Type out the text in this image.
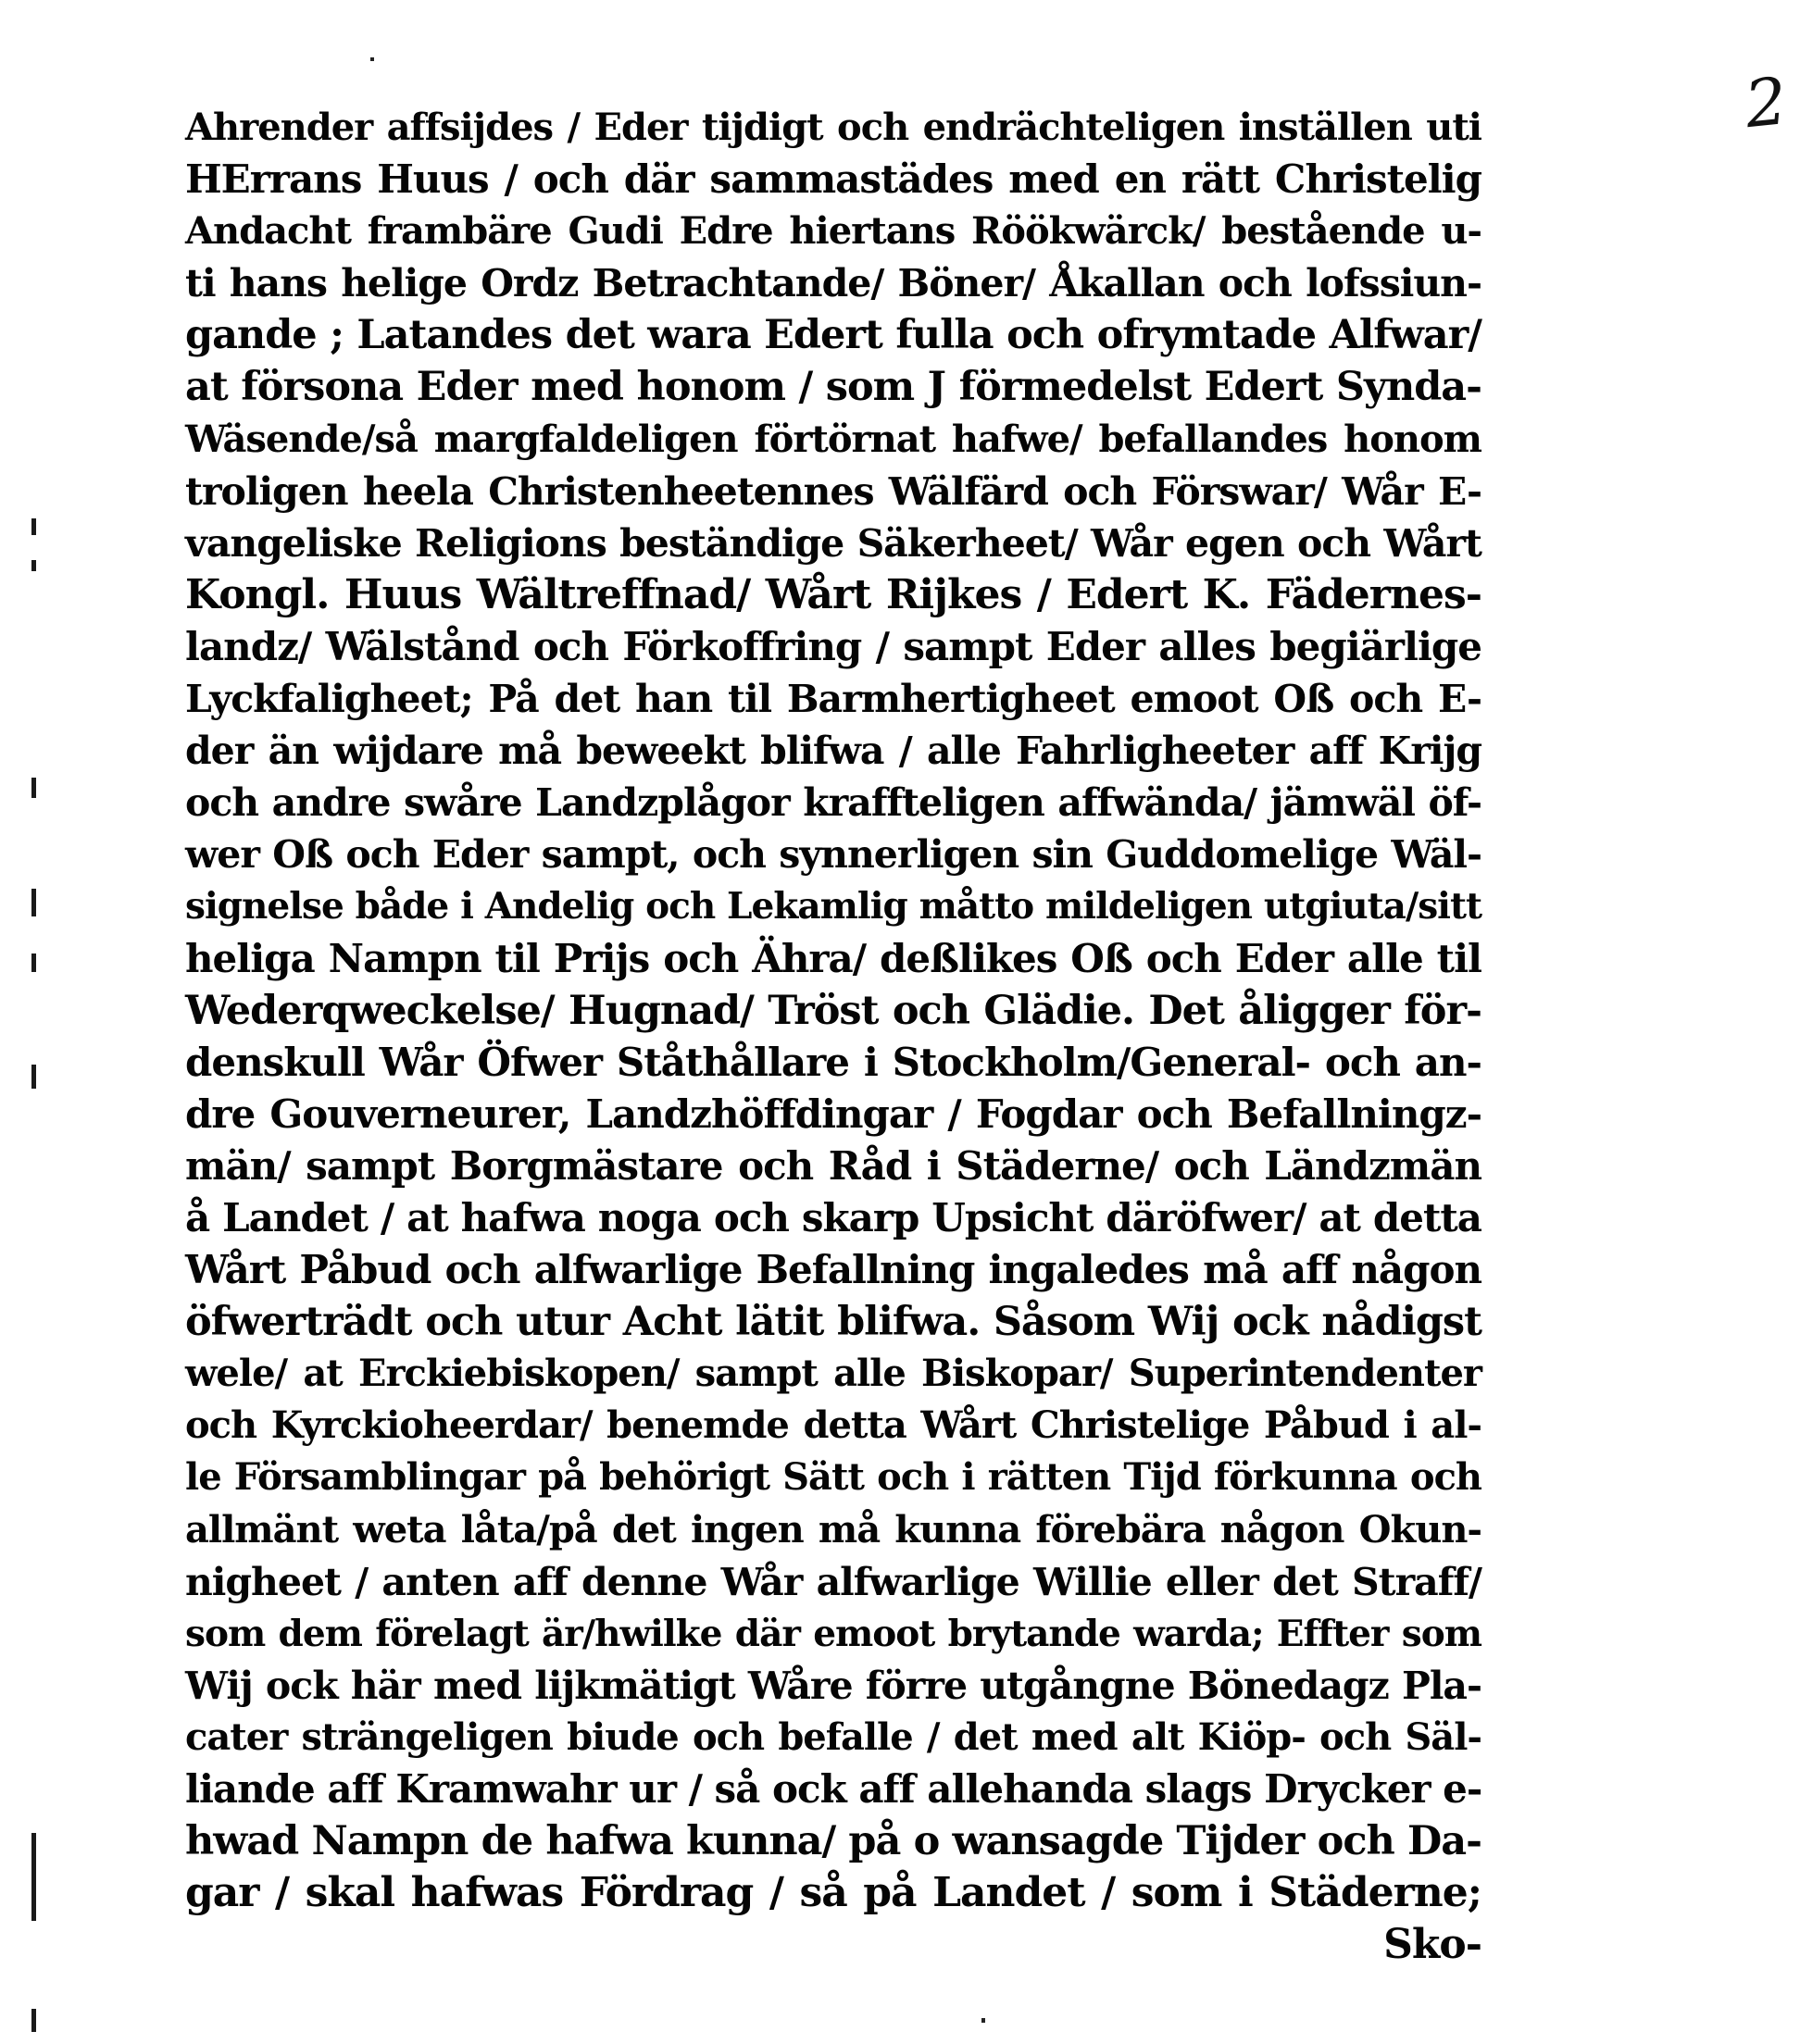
2
Ahrender affsijdes / Eder tijdigt och endrächteligen inställen uti
HErrans Huus / och där sammastädes med en rätt Christelig
Andacht frambäre Gudi Edre hiertans Röökwärck/ bestående u-
ti hans helige Ordz Betrachtande/ Böner/ Åkallan och lofssiun-
gande ; Latandes det wara Edert fulla och ofrymtade Alfwar/
at försona Eder med honom / som J förmedelst Edert Synda-
Wäsende/så margfaldeligen förtörnat hafwe/ befallandes honom
troligen heela Christenheetennes Wälfärd och Förswar/ Wår E-
vangeliske Religions beständige Säkerheet/ Wår egen och Wårt
Kongl. Huus Wältreffnad/ Wårt Rijkes / Edert K. Fädernes-
landz/ Wälstånd och Förkoffring / sampt Eder alles begiärlige
Lyckfaligheet; På det han til Barmhertigheet emoot Oß och E-
der än wijdare må beweekt blifwa / alle Fahrligheeter aff Krijg
och andre swåre Landzplågor kraffteligen affwända/ jämwäl öf-
wer Oß och Eder sampt, och synnerligen sin Guddomelige Wäl-
signelse både i Andelig och Lekamlig måtto mildeligen utgiuta/sitt
heliga Nampn til Prijs och Ähra/ deßlikes Oß och Eder alle til
Wederqweckelse/ Hugnad/ Tröst och Glädie. Det åligger för-
denskull Wår Öfwer Ståthållare i Stockholm/General- och an-
dre Gouverneurer, Landzhöffdingar / Fogdar och Befallningz-
män/ sampt Borgmästare och Råd i Städerne/ och Ländzmän
å Landet / at hafwa noga och skarp Upsicht däröfwer/ at detta
Wårt Påbud och alfwarlige Befallning ingaledes må aff någon
öfwerträdt och utur Acht lätit blifwa. Såsom Wij ock nådigst
wele/ at Erckiebiskopen/ sampt alle Biskopar/ Superintendenter
och Kyrckioheerdar/ benemde detta Wårt Christelige Påbud i al-
le Församblingar på behörigt Sätt och i rätten Tijd förkunna och
allmänt weta låta/på det ingen må kunna förebära någon Okun-
nigheet / anten aff denne Wår alfwarlige Willie eller det Straff/
som dem förelagt är/hwilke där emoot brytande warda; Effter som
Wij ock här med lijkmätigt Wåre förre utgångne Bönedagz Pla-
cater strängeligen biude och befalle / det med alt Kiöp- och Säl-
liande aff Kramwahr ur / så ock aff allehanda slags Drycker e-
hwad Nampn de hafwa kunna/ på o wansagde Tijder och Da-
gar / skal hafwas Fördrag / så på Landet / som i Städerne;
Sko-
